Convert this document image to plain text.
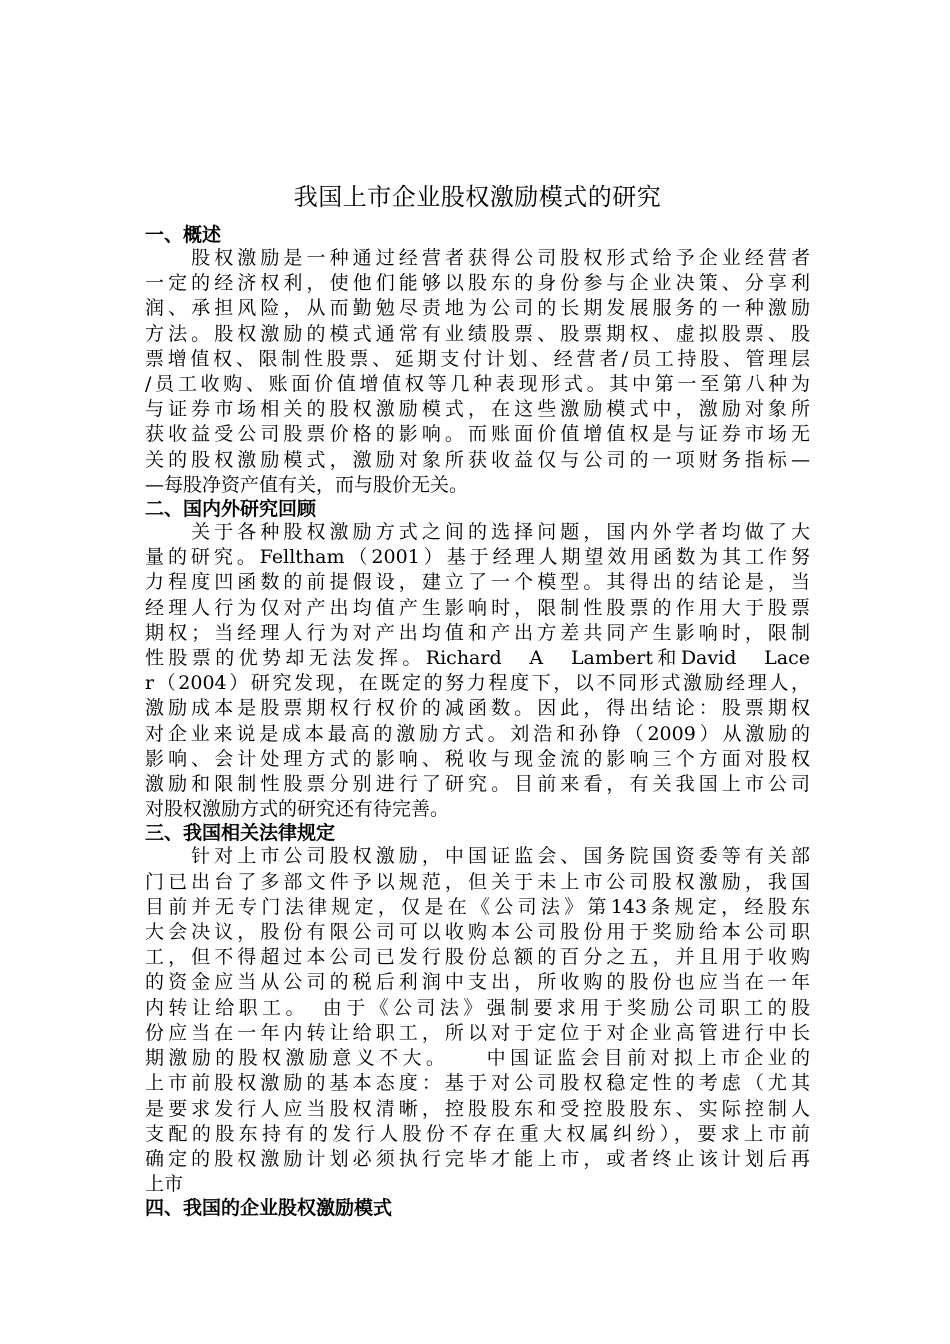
我国上市企业股权激励模式的研究
一、概述

　　股权激励是一种通过经营者获得公司股权形式给予企业经营者
一定的经济权利，使他们能够以股东的身份参与企业决策、分享利
润、承担风险，从而勤勉尽责地为公司的长期发展服务的一种激励
方法。股权激励的模式通常有业绩股票、股票期权、虚拟股票、股
票增值权、限制性股票、延期支付计划、经营者/员工持股、管理层
/员工收购、账面价值增值权等几种表现形式。其中第一至第八种为
与证券市场相关的股权激励模式，在这些激励模式中，激励对象所
获收益受公司股票价格的影响。而账面价值增值权是与证券市场无
关的股权激励模式，激励对象所获收益仅与公司的一项财务指标—
—每股净资产值有关，而与股价无关。

二、国内外研究回顾

　　关于各种股权激励方式之间的选择问题，国内外学者均做了大
量的研究。Felltham（2001）基于经理人期望效用函数为其工作努
力程度凹函数的前提假设，建立了一个模型。其得出的结论是，当
经理人行为仅对产出均值产生影响时，限制性股票的作用大于股票
期权；当经理人行为对产出均值和产出方差共同产生影响时，限制
性股票的优势却无法发挥。Richard　A　Lambert和David　Lace
r（2004）研究发现，在既定的努力程度下，以不同形式激励经理人，
激励成本是股票期权行权价的减函数。因此，得出结论：股票期权
对企业来说是成本最高的激励方式。刘浩和孙铮（2009）从激励的
影响、会计处理方式的影响、税收与现金流的影响三个方面对股权
激励和限制性股票分别进行了研究。目前来看，有关我国上市公司
对股权激励方式的研究还有待完善。

三、我国相关法律规定

　　针对上市公司股权激励，中国证监会、国务院国资委等有关部
门已出台了多部文件予以规范，但关于未上市公司股权激励，我国
目前并无专门法律规定，仅是在《公司法》第143条规定，经股东
大会决议，股份有限公司可以收购本公司股份用于奖励给本公司职
工，但不得超过本公司已发行股份总额的百分之五，并且用于收购
的资金应当从公司的税后利润中支出，所收购的股份也应当在一年
内转让给职工。　由于《公司法》强制要求用于奖励公司职工的股
份应当在一年内转让给职工，所以对于定位于对企业高管进行中长
期激励的股权激励意义不大。　　中国证监会目前对拟上市企业的
上市前股权激励的基本态度：基于对公司股权稳定性的考虑（尤其
是要求发行人应当股权清晰，控股股东和受控股股东、实际控制人
支配的股东持有的发行人股份不存在重大权属纠纷），要求上市前
确定的股权激励计划必须执行完毕才能上市，或者终止该计划后再
上市

四、我国的企业股权激励模式
